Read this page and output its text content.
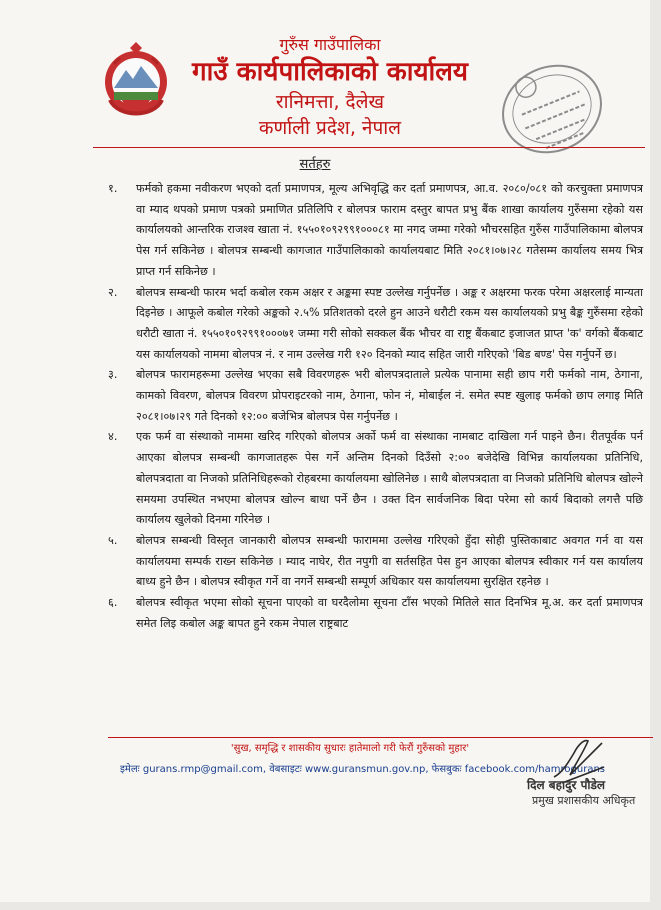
गुरुँस गाउँपालिका
गाउँ कार्यपालिकाको कार्यालय
रानिमत्ता, दैलेख
कर्णाली प्रदेश, नेपाल
सर्तहरु
१.	फर्मको हकमा नवीकरण भएको दर्ता प्रमाणपत्र, मूल्य अभिवृद्धि कर दर्ता प्रमाणपत्र, आ.व. २०८०/०८१ को करचुक्ता प्रमाणपत्र वा म्याद थपको प्रमाण पत्रको प्रमाणित प्रतिलिपि र बोलपत्र फाराम दस्तुर बापत प्रभु बैंक शाखा कार्यालय गुरुँसमा रहेको यस कार्यालयको आन्तरिक राजश्व खाता नं. १५५०१०९२९९१०००८१ मा नगद जम्मा गरेको भौचरसहित गुरुँस गाउँपालिकामा बोलपत्र पेस गर्न सकिनेछ । बोलपत्र सम्बन्धी कागजात गाउँपालिकाको कार्यालयबाट मिति २०८१।०७।२८ गतेसम्म कार्यालय समय भित्र प्राप्त गर्न सकिनेछ ।
२.	बोलपत्र सम्बन्धी फारम भर्दा कबोल रकम अक्षर र अङ्कमा स्पष्ट उल्लेख गर्नुपर्नेछ । अङ्क र अक्षरमा फरक परेमा अक्षरलाई मान्यता दिइनेछ । आफूले कबोल गरेको अङ्कको २.५% प्रतिशतको दरले हुन आउने धरौटी रकम यस कार्यालयको प्रभु बैङ्क गुरुँसमा रहेको धरौटी खाता नं. १५५०१०९२९९१०००७१ जम्मा गरी सोको सक्कल बैंक भौचर वा राष्ट्र बैंकबाट इजाजत प्राप्त 'क' वर्गको बैंकबाट यस कार्यालयको नाममा बोलपत्र नं. र नाम उल्लेख गरी १२० दिनको म्याद सहित जारी गरिएको 'बिड बण्ड' पेस गर्नुपर्ने छ।
३.	बोलपत्र फारामहरूमा उल्लेख भएका सबै विवरणहरू भरी बोलपत्रदाताले प्रत्येक पानामा सही छाप गरी फर्मको नाम, ठेगाना, कामको विवरण, बोलपत्र विवरण प्रोपराइटरको नाम, ठेगाना, फोन नं, मोबाईल नं. समेत स्पष्ट खुलाइ फर्मको छाप लगाइ मिति २०८१।०७।२९ गते दिनको १२:०० बजेभित्र बोलपत्र पेस गर्नुपर्नेछ ।
४.	एक फर्म वा संस्थाको नाममा खरिद गरिएको बोलपत्र अर्को फर्म वा संस्थाका नामबाट दाखिला गर्न पाइने छैन। रीतपूर्वक पर्न आएका बोलपत्र सम्बन्धी कागजातहरू पेस गर्ने अन्तिम दिनको दिउँसो २:०० बजेदेखि विभिन्न कार्यालयका प्रतिनिधि, बोलपत्रदाता वा निजको प्रतिनिधिहरूको रोहबरमा कार्यालयमा खोलिनेछ । साथै बोलपत्रदाता वा निजको प्रतिनिधि बोलपत्र खोल्ने समयमा उपस्थित नभएमा बोलपत्र खोल्न बाधा पर्ने छैन । उक्त दिन सार्वजनिक बिदा परेमा सो कार्य बिदाको लगत्तै पछि कार्यालय खुलेको दिनमा गरिनेछ ।
५.	बोलपत्र सम्बन्धी विस्तृत जानकारी बोलपत्र सम्बन्धी फाराममा उल्लेख गरिएको हुँदा सोही पुस्तिकाबाट अवगत गर्न वा यस कार्यालयमा सम्पर्क राख्न सकिनेछ । म्याद नाघेर, रीत नपुगी वा सर्तसहित पेस हुन आएका बोलपत्र स्वीकार गर्न यस कार्यालय बाध्य हुने छैन । बोलपत्र स्वीकृत गर्ने वा नगर्ने सम्बन्धी सम्पूर्ण अधिकार यस कार्यालयमा सुरक्षित रहनेछ ।
६.	बोलपत्र स्वीकृत भएमा सोको सूचना पाएको वा घरदैलोमा सूचना टाँस भएको मितिले सात दिनभित्र मू.अ. कर दर्ता प्रमाणपत्र समेत लिइ कबोल अङ्क बापत हुने रकम नेपाल राष्ट्रबाट
'सुख, समृद्धि र शासकीय सुधारः हातेमालो गरी फेरौं गुरुँसको मुहार'
इमेलः gurans.rmp@gmail.com, वेबसाइटः www.guransmun.gov.np, फेसबुकः facebook.com/hamrogurans
दिल बहादुर पौडेल
प्रमुख प्रशासकीय अधिकृत
